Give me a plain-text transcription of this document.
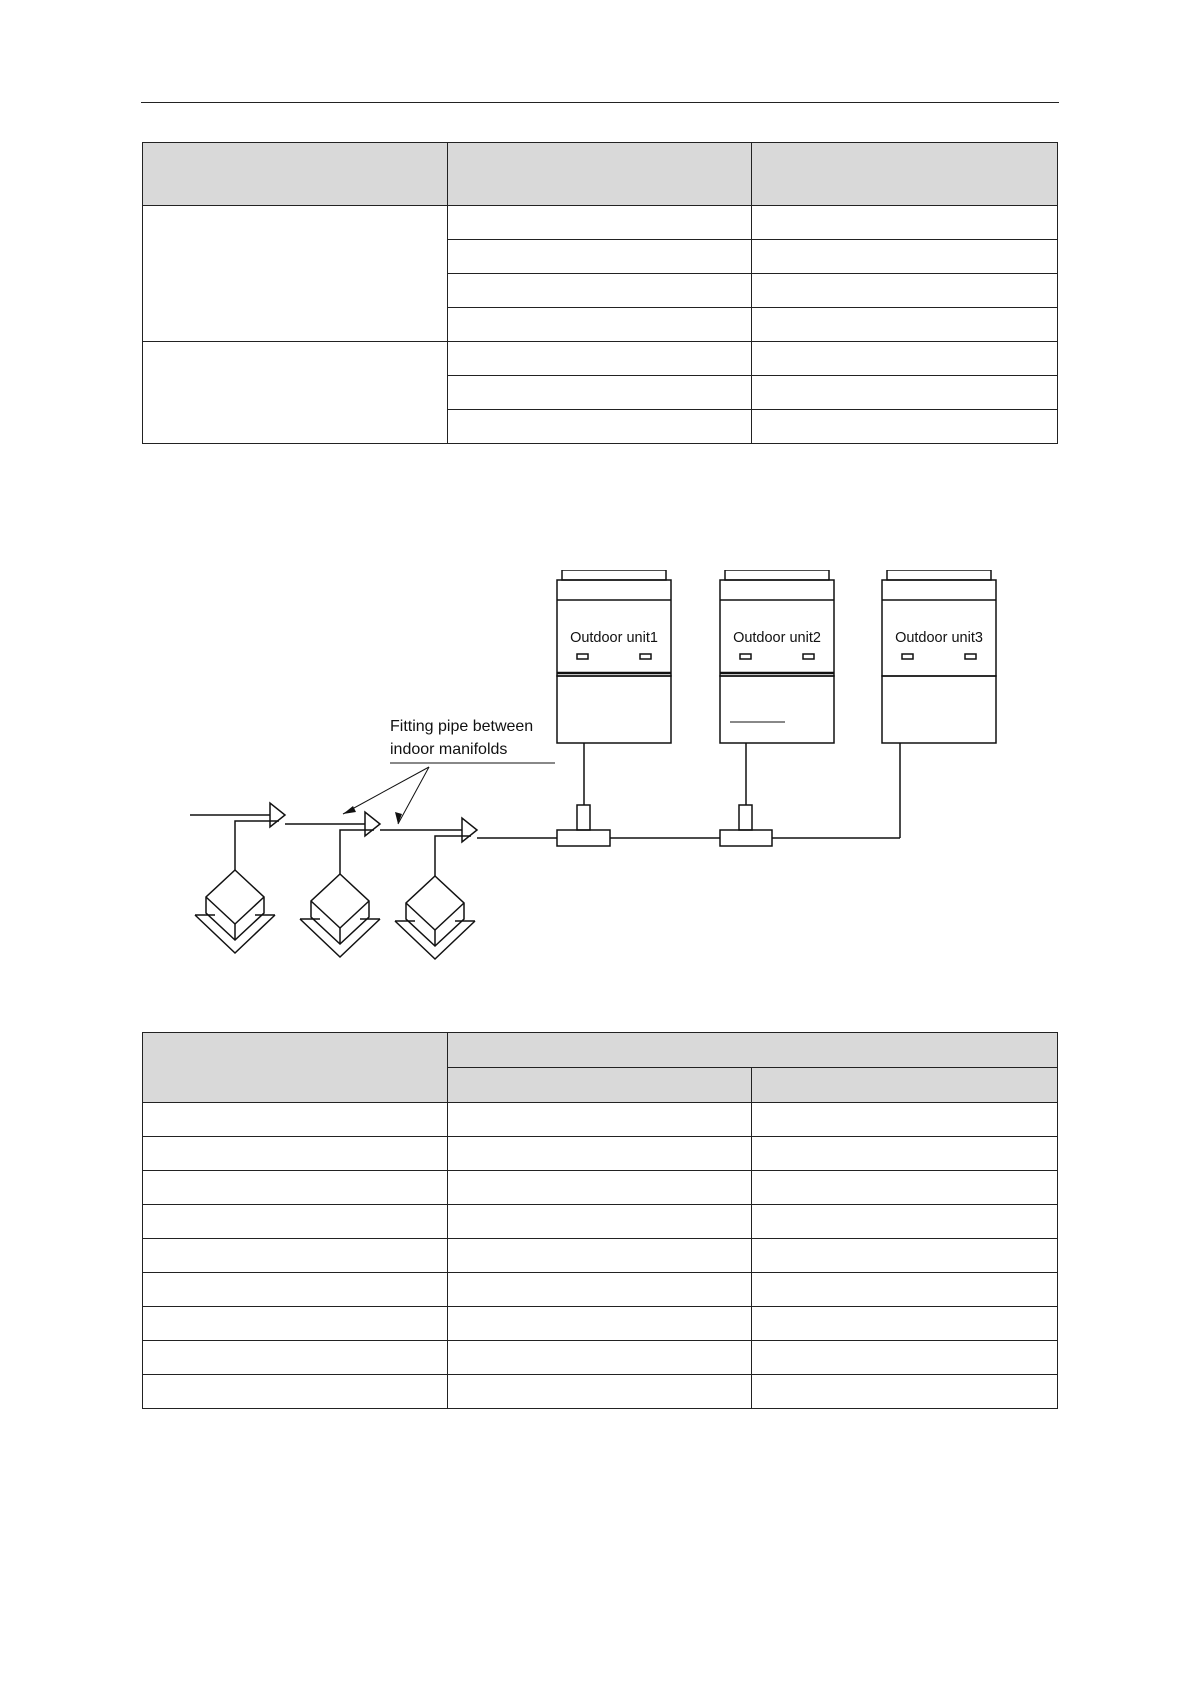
Fitting pipe between
indoor manifolds
Outdoor unit1	Outdoor unit2	Outdoor unit3
